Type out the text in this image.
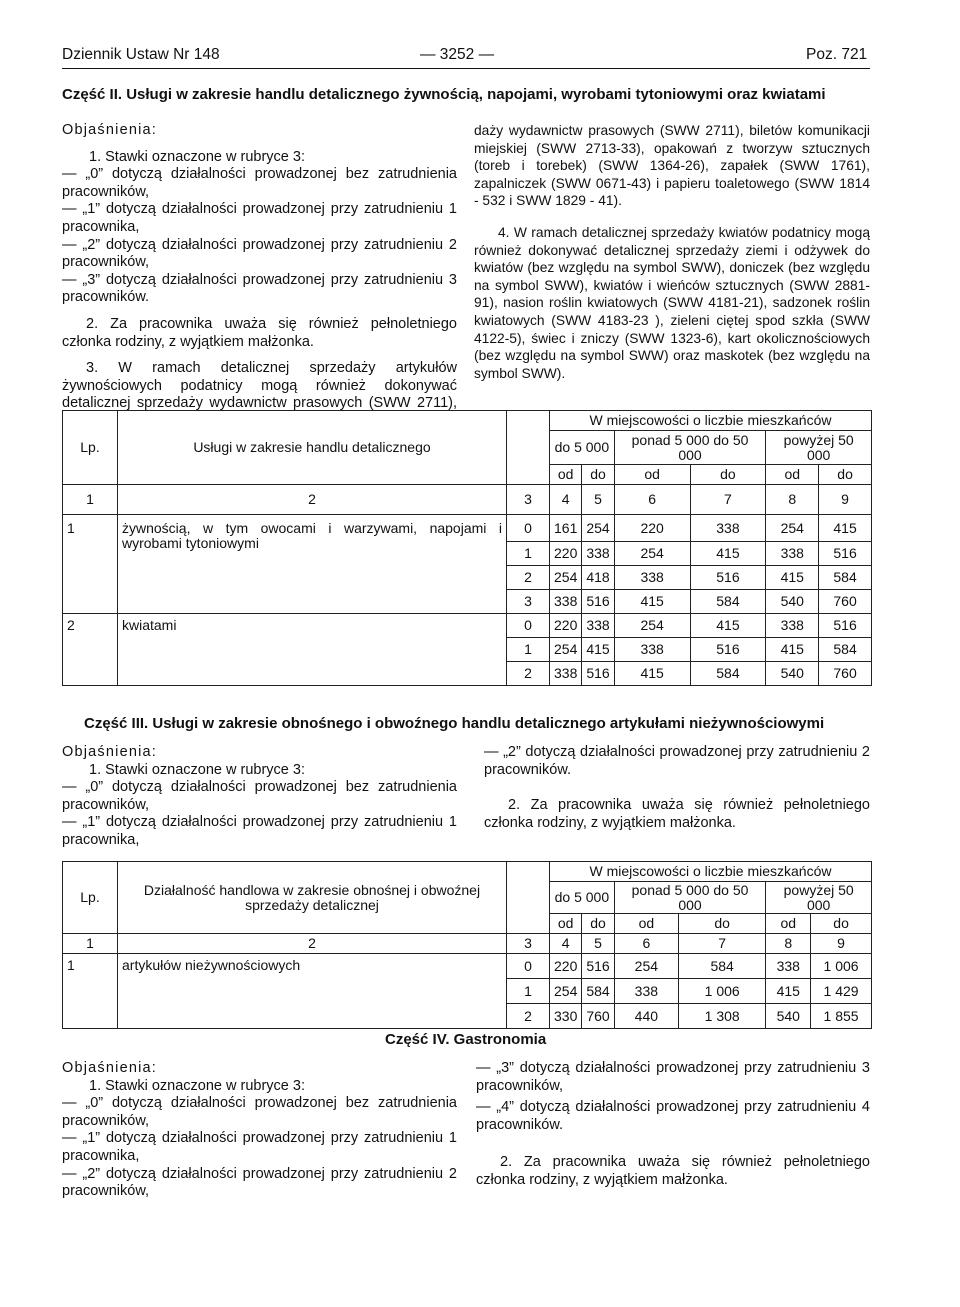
Dziennik Ustaw Nr 148	— 3252 —	Poz. 721
Część II. Usługi w zakresie handlu detalicznego żywnością, napojami, wyrobami tytoniowymi oraz kwiatami

Objaśnienia:

1. Stawki oznaczone w rubryce 3:

— „0” dotyczą działalności prowadzonej bez zatrudnienia pracowników,

— „1” dotyczą działalności prowadzonej przy zatrudnieniu 1 pracownika,

— „2” dotyczą działalności prowadzonej przy zatrudnieniu 2 pracowników,

— „3” dotyczą działalności prowadzonej przy zatrudnieniu 3 pracowników.

2. Za pracownika uważa się również pełnoletniego członka rodziny, z wyjątkiem małżonka.

3. W ramach detalicznej sprzedaży artykułów żywnościowych podatnicy mogą również dokonywać detalicznej sprzedaży wydawnictw prasowych (SWW 2711),

daży wydawnictw prasowych (SWW 2711), biletów komunikacji miejskiej (SWW 2713-33), opakowań z tworzyw sztucznych (toreb i torebek) (SWW 1364-26), zapałek (SWW 1761), zapalniczek (SWW 0671-43) i papieru toaletowego (SWW 1814 - 532 i SWW 1829 - 41).

4. W ramach detalicznej sprzedaży kwiatów podatnicy mogą również dokonywać detalicznej sprzedaży ziemi i odżywek do kwiatów (bez względu na symbol SWW), doniczek (bez względu na symbol SWW), kwiatów i wieńców sztucznych (SWW 2881-91), nasion roślin kwiatowych (SWW 4181-21), sadzonek roślin kwiatowych (SWW 4183-23 ), zieleni ciętej spod szkła (SWW 4122-5), świec i zniczy (SWW 1323-6), kart okolicznościowych (bez względu na symbol SWW) oraz maskotek (bez względu na symbol SWW).

Lp.	Usługi w zakresie handlu detalicznego		W miejscowości o liczbie mieszkańców					
			do 5 000		ponad 5 000 do 50 000		powyżej 50 000	
			od	do	od	do	od	do
1	2	3	4	5	6	7	8	9
1	żywnością, w tym owocami i warzywami, napojami i wyrobami tytoniowymi	0	161	254	220	338	254	415
		1	220	338	254	415	338	516
		2	254	418	338	516	415	584
		3	338	516	415	584	540	760
2	kwiatami	0	220	338	254	415	338	516
		1	254	415	338	516	415	584
		2	338	516	415	584	540	760
Część III. Usługi w zakresie obnośnego i obwoźnego handlu detalicznego artykułami nieżywnościowymi

Objaśnienia:

1. Stawki oznaczone w rubryce 3:

— „0” dotyczą działalności prowadzonej bez zatrudnienia pracowników,

— „1” dotyczą działalności prowadzonej przy zatrudnieniu 1 pracownika,

— „2” dotyczą działalności prowadzonej przy zatrudnieniu 2 pracowników.

2. Za pracownika uważa się również pełnoletniego członka rodziny, z wyjątkiem małżonka.

Lp.	Działalność handlowa w zakresie obnośnej i obwoźnej sprzedaży detalicznej		W miejscowości o liczbie mieszkańców					
			do 5 000		ponad 5 000 do 50 000		powyżej 50 000	
			od	do	od	do	od	do
1	2	3	4	5	6	7	8	9
1	artykułów nieżywnościowych	0	220	516	254	584	338	1 006
		1	254	584	338	1 006	415	1 429
		2	330	760	440	1 308	540	1 855
Część IV. Gastronomia

Objaśnienia:

1. Stawki oznaczone w rubryce 3:

— „0” dotyczą działalności prowadzonej bez zatrudnienia pracowników,

— „1” dotyczą działalności prowadzonej przy zatrudnieniu 1 pracownika,

— „2” dotyczą działalności prowadzonej przy zatrudnieniu 2 pracowników,

— „3” dotyczą działalności prowadzonej przy zatrudnieniu 3 pracowników,

— „4” dotyczą działalności prowadzonej przy zatrudnieniu 4 pracowników.

2. Za pracownika uważa się również pełnoletniego członka rodziny, z wyjątkiem małżonka.
